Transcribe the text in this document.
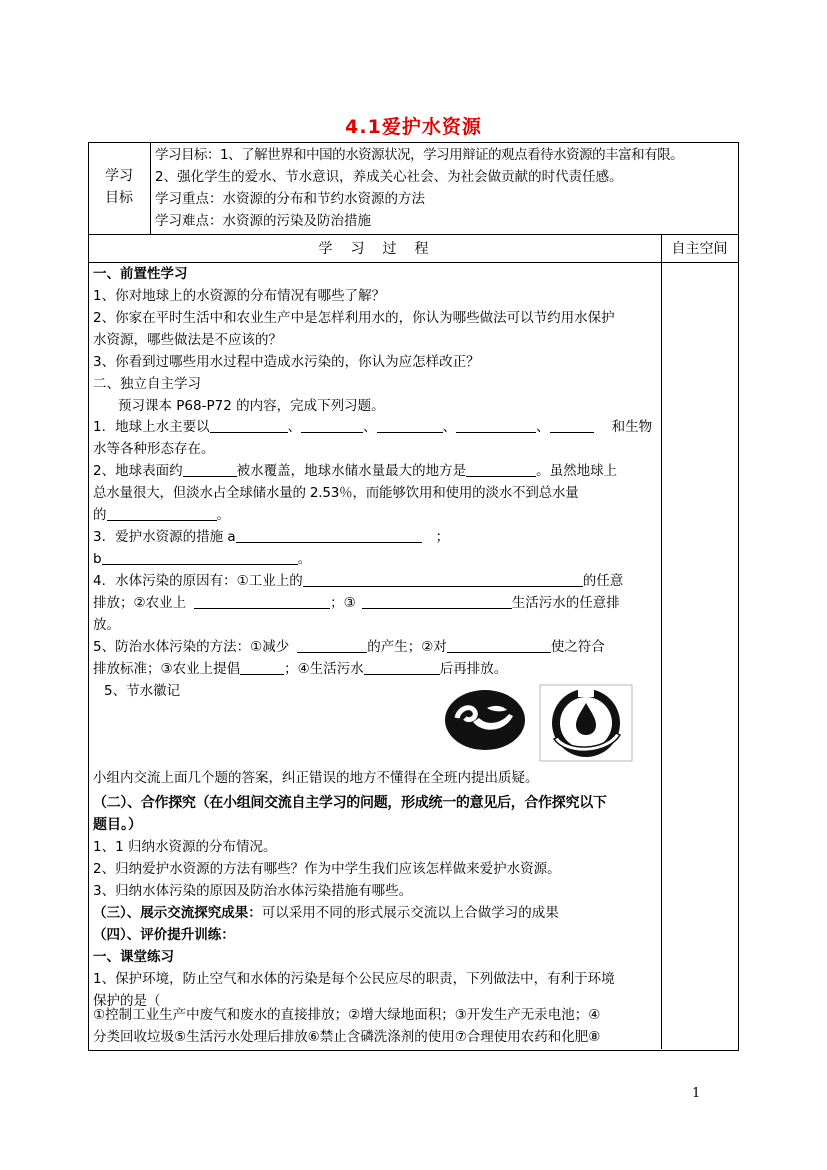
4.1爱护水资源
学习
目标
学习目标：1、了解世界和中国的水资源状况，学习用辩证的观点看待水资源的丰富和有限。
2、强化学生的爱水、节水意识，养成关心社会、为社会做贡献的时代责任感。
学习重点：水资源的分布和节约水资源的方法
学习难点：水资源的污染及防治措施
学　习　过　程	自主空间
一、前置性学习
1、你对地球上的水资源的分布情况有哪些了解？
2、你家在平时生活中和农业生产中是怎样利用水的，你认为哪些做法可以节约用水保护
水资源，哪些做法是不应该的？
3、你看到过哪些用水过程中造成水污染的，你认为应怎样改正？
二、独立自主学习
预习课本 P68-P72 的内容，完成下列习题。
1．地球上水主要以	、	、	、	、	和生物
水等各种形态存在。
2、地球表面约	被水覆盖，地球水储水量最大的地方是	。虽然地球上
总水量很大，但淡水占全球储水量的 2.53％，而能够饮用和使用的淡水不到总水量
的	。
3．爱护水资源的措施 a	；
b	。
4．水体污染的原因有：①工业上的	的任意
排放；②农业上	；③	生活污水的任意排
放。
5、防治水体污染的方法：①减少	的产生；②对	使之符合
排放标准；③农业上提倡	；④生活污水	后再排放。
5、节水徽记
小组内交流上面几个题的答案，纠正错误的地方不懂得在全班内提出质疑。
（二）、合作探究（在小组间交流自主学习的问题，形成统一的意见后，合作探究以下
题目。）
1、1 归纳水资源的分布情况。
2、归纳爱护水资源的方法有哪些？作为中学生我们应该怎样做来爱护水资源。
3、归纳水体污染的原因及防治水体污染措施有哪些。
（三）、展示交流探究成果：可以采用不同的形式展示交流以上合做学习的成果
（四）、评价提升训练：
一、课堂练习
1、保护环境，防止空气和水体的污染是每个公民应尽的职责，下列做法中，有利于环境
保护的是（
①控制工业生产中废气和废水的直接排放；②增大绿地面积；③开发生产无汞电池；④
分类回收垃圾⑤生活污水处理后排放⑥禁止含磷洗涤剂的使用⑦合理使用农药和化肥⑧
1
